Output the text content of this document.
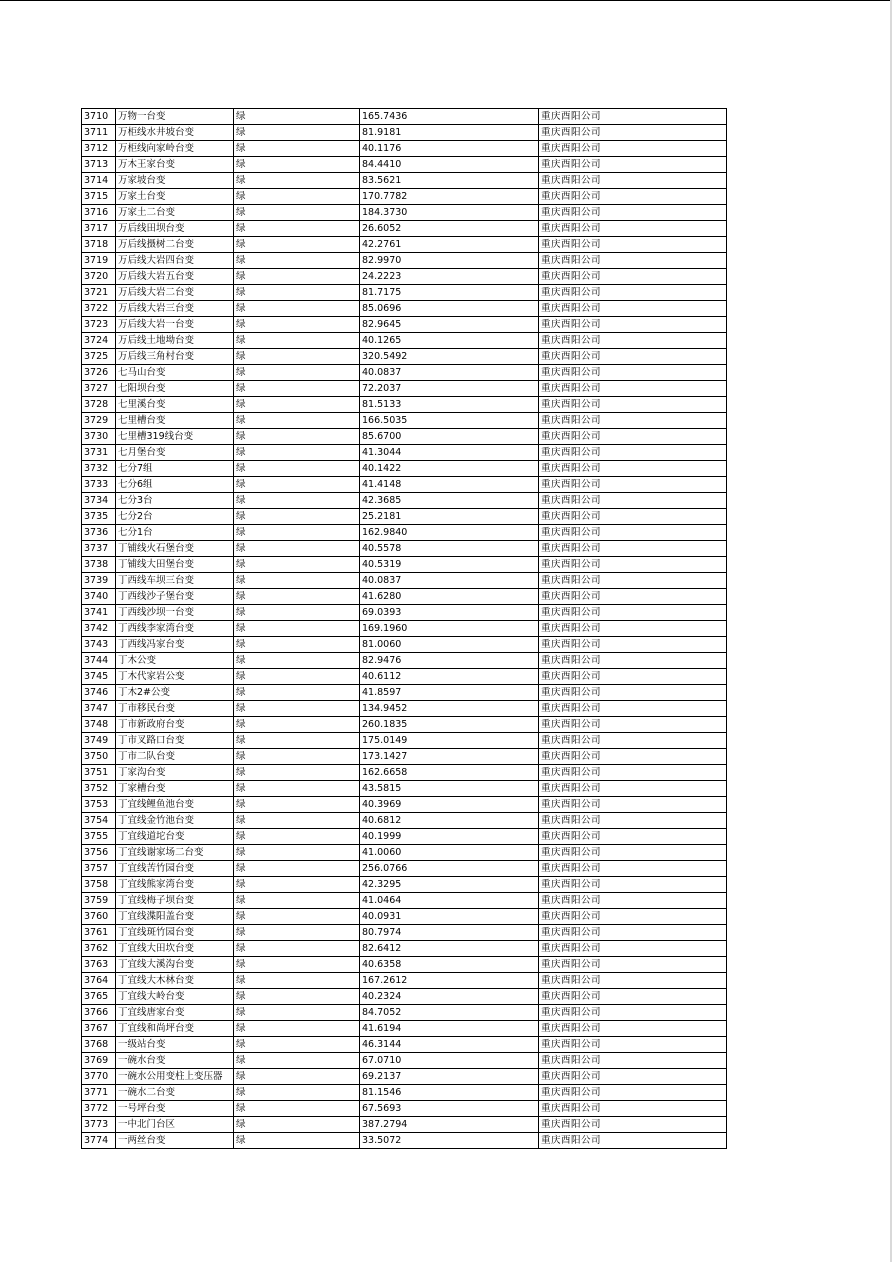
3710	万物一台变	绿	165.7436	重庆酉阳公司
3711	万柜线水井坡台变	绿	81.9181	重庆酉阳公司
3712	万柜线向家岭台变	绿	40.1176	重庆酉阳公司
3713	万木王家台变	绿	84.4410	重庆酉阳公司
3714	万家坡台变	绿	83.5621	重庆酉阳公司
3715	万家土台变	绿	170.7782	重庆酉阳公司
3716	万家土二台变	绿	184.3730	重庆酉阳公司
3717	万后线田坝台变	绿	26.6052	重庆酉阳公司
3718	万后线摄树二台变	绿	42.2761	重庆酉阳公司
3719	万后线大岩四台变	绿	82.9970	重庆酉阳公司
3720	万后线大岩五台变	绿	24.2223	重庆酉阳公司
3721	万后线大岩二台变	绿	81.7175	重庆酉阳公司
3722	万后线大岩三台变	绿	85.0696	重庆酉阳公司
3723	万后线大岩一台变	绿	82.9645	重庆酉阳公司
3724	万后线土地坳台变	绿	40.1265	重庆酉阳公司
3725	万后线三角村台变	绿	320.5492	重庆酉阳公司
3726	七马山台变	绿	40.0837	重庆酉阳公司
3727	七阳坝台变	绿	72.2037	重庆酉阳公司
3728	七里溪台变	绿	81.5133	重庆酉阳公司
3729	七里槽台变	绿	166.5035	重庆酉阳公司
3730	七里槽319线台变	绿	85.6700	重庆酉阳公司
3731	七月堡台变	绿	41.3044	重庆酉阳公司
3732	七分7组	绿	40.1422	重庆酉阳公司
3733	七分6组	绿	41.4148	重庆酉阳公司
3734	七分3台	绿	42.3685	重庆酉阳公司
3735	七分2台	绿	25.2181	重庆酉阳公司
3736	七分1台	绿	162.9840	重庆酉阳公司
3737	丁铺线火石堡台变	绿	40.5578	重庆酉阳公司
3738	丁铺线大田堡台变	绿	40.5319	重庆酉阳公司
3739	丁西线车坝三台变	绿	40.0837	重庆酉阳公司
3740	丁西线沙子堡台变	绿	41.6280	重庆酉阳公司
3741	丁西线沙坝一台变	绿	69.0393	重庆酉阳公司
3742	丁西线李家湾台变	绿	169.1960	重庆酉阳公司
3743	丁西线冯家台变	绿	81.0060	重庆酉阳公司
3744	丁木公变	绿	82.9476	重庆酉阳公司
3745	丁木代家岩公变	绿	40.6112	重庆酉阳公司
3746	丁木2#公变	绿	41.8597	重庆酉阳公司
3747	丁市移民台变	绿	134.9452	重庆酉阳公司
3748	丁市新政府台变	绿	260.1835	重庆酉阳公司
3749	丁市叉路口台变	绿	175.0149	重庆酉阳公司
3750	丁市二队台变	绿	173.1427	重庆酉阳公司
3751	丁家沟台变	绿	162.6658	重庆酉阳公司
3752	丁家槽台变	绿	43.5815	重庆酉阳公司
3753	丁宜线鲤鱼池台变	绿	40.3969	重庆酉阳公司
3754	丁宜线金竹池台变	绿	40.6812	重庆酉阳公司
3755	丁宜线道坨台变	绿	40.1999	重庆酉阳公司
3756	丁宜线谢家场二台变	绿	41.0060	重庆酉阳公司
3757	丁宜线苦竹园台变	绿	256.0766	重庆酉阳公司
3758	丁宜线熊家湾台变	绿	42.3295	重庆酉阳公司
3759	丁宜线梅子坝台变	绿	41.0464	重庆酉阳公司
3760	丁宜线渫阳盖台变	绿	40.0931	重庆酉阳公司
3761	丁宜线斑竹园台变	绿	80.7974	重庆酉阳公司
3762	丁宜线大田坎台变	绿	82.6412	重庆酉阳公司
3763	丁宜线大溪沟台变	绿	40.6358	重庆酉阳公司
3764	丁宜线大木林台变	绿	167.2612	重庆酉阳公司
3765	丁宜线大岭台变	绿	40.2324	重庆酉阳公司
3766	丁宜线唐家台变	绿	84.7052	重庆酉阳公司
3767	丁宜线和尚坪台变	绿	41.6194	重庆酉阳公司
3768	一级站台变	绿	46.3144	重庆酉阳公司
3769	一碗水台变	绿	67.0710	重庆酉阳公司
3770	一碗水公用变柱上变压器	绿	69.2137	重庆酉阳公司
3771	一碗水二台变	绿	81.1546	重庆酉阳公司
3772	一号坪台变	绿	67.5693	重庆酉阳公司
3773	一中北门台区	绿	387.2794	重庆酉阳公司
3774	一两丝台变	绿	33.5072	重庆酉阳公司
